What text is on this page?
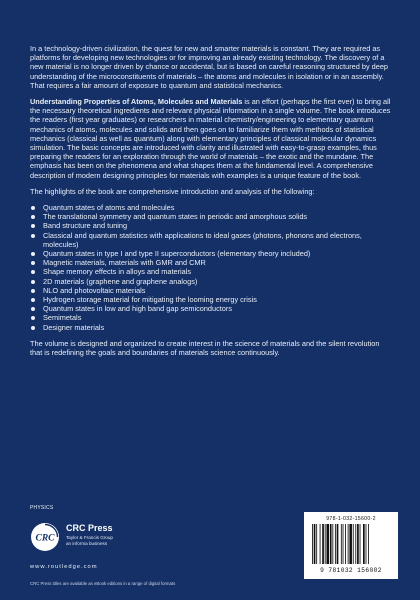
In a technology-driven civilization, the quest for new and smarter materials is constant. They are required as platforms for developing new technologies or for improving an already existing technology. The discovery of a new material is no longer driven by chance or accidental, but is based on careful reasoning structured by deep understanding of the microconstituents of materials – the atoms and molecules in isolation or in an assembly. That requires a fair amount of exposure to quantum and statistical mechanics.

Understanding Properties of Atoms, Molecules and Materials is an effort (perhaps the first ever) to bring all the necessary theoretical ingredients and relevant physical information in a single volume. The book introduces the readers (first year graduates) or researchers in material chemistry/engineering to elementary quantum mechanics of atoms, molecules and solids and then goes on to familiarize them with methods of statistical mechanics (classical as well as quantum) along with elementary principles of classical molecular dynamics simulation. The basic concepts are introduced with clarity and illustrated with easy-to-grasp examples, thus preparing the readers for an exploration through the world of materials – the exotic and the mundane. The emphasis has been on the phenomena and what shapes them at the fundamental level. A comprehensive description of modern designing principles for materials with examples is a unique feature of the book.

The highlights of the book are comprehensive introduction and analysis of the following:

Quantum states of atoms and molecules
The translational symmetry and quantum states in periodic and amorphous solids
Band structure and tuning
Classical and quantum statistics with applications to ideal gases (photons, phonons and electrons, molecules)
Quantum states in type I and type II superconductors (elementary theory included)
Magnetic materials, materials with GMR and CMR
Shape memory effects in alloys and materials
2D materials (graphene and graphene analogs)
NLO and photovoltaic materials
Hydrogen storage material for mitigating the looming energy crisis
Quantum states in low and high band gap semiconductors
Semimetals
Designer materials

The volume is designed and organized to create interest in the science of materials and the silent revolution that is redefining the goals and boundaries of materials science continuously.

PHYSICS
CRC
CRC Press
Taylor & Francis Group
an informa business
www.routledge.com
CRC Press titles are available as eBook editions in a range of digital formats
978-1-032-15600-2
9 781032 156002
